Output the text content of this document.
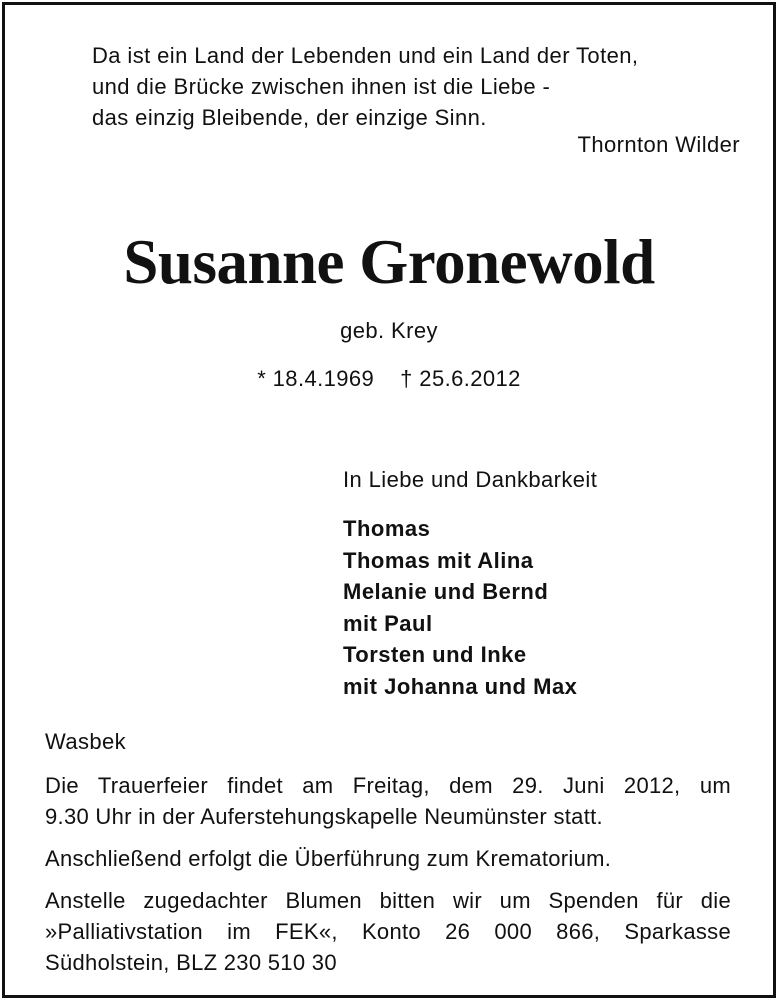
Da ist ein Land der Lebenden und ein Land der Toten,
und die Brücke zwischen ihnen ist die Liebe -
das einzig Bleibende, der einzige Sinn.
Thornton Wilder
Susanne Gronewold
geb. Krey
* 18.4.1969 † 25.6.2012
In Liebe und Dankbarkeit
Thomas
Thomas mit Alina
Melanie und Bernd
mit Paul
Torsten und Inke
mit Johanna und Max
Wasbek
Die Trauerfeier findet am Freitag, dem 29. Juni 2012, um
9.30 Uhr in der Auferstehungskapelle Neumünster statt.
Anschließend erfolgt die Überführung zum Krematorium.
Anstelle zugedachter Blumen bitten wir um Spenden für die
»Palliativstation im FEK«, Konto 26 000 866, Sparkasse
Südholstein, BLZ 230 510 30
